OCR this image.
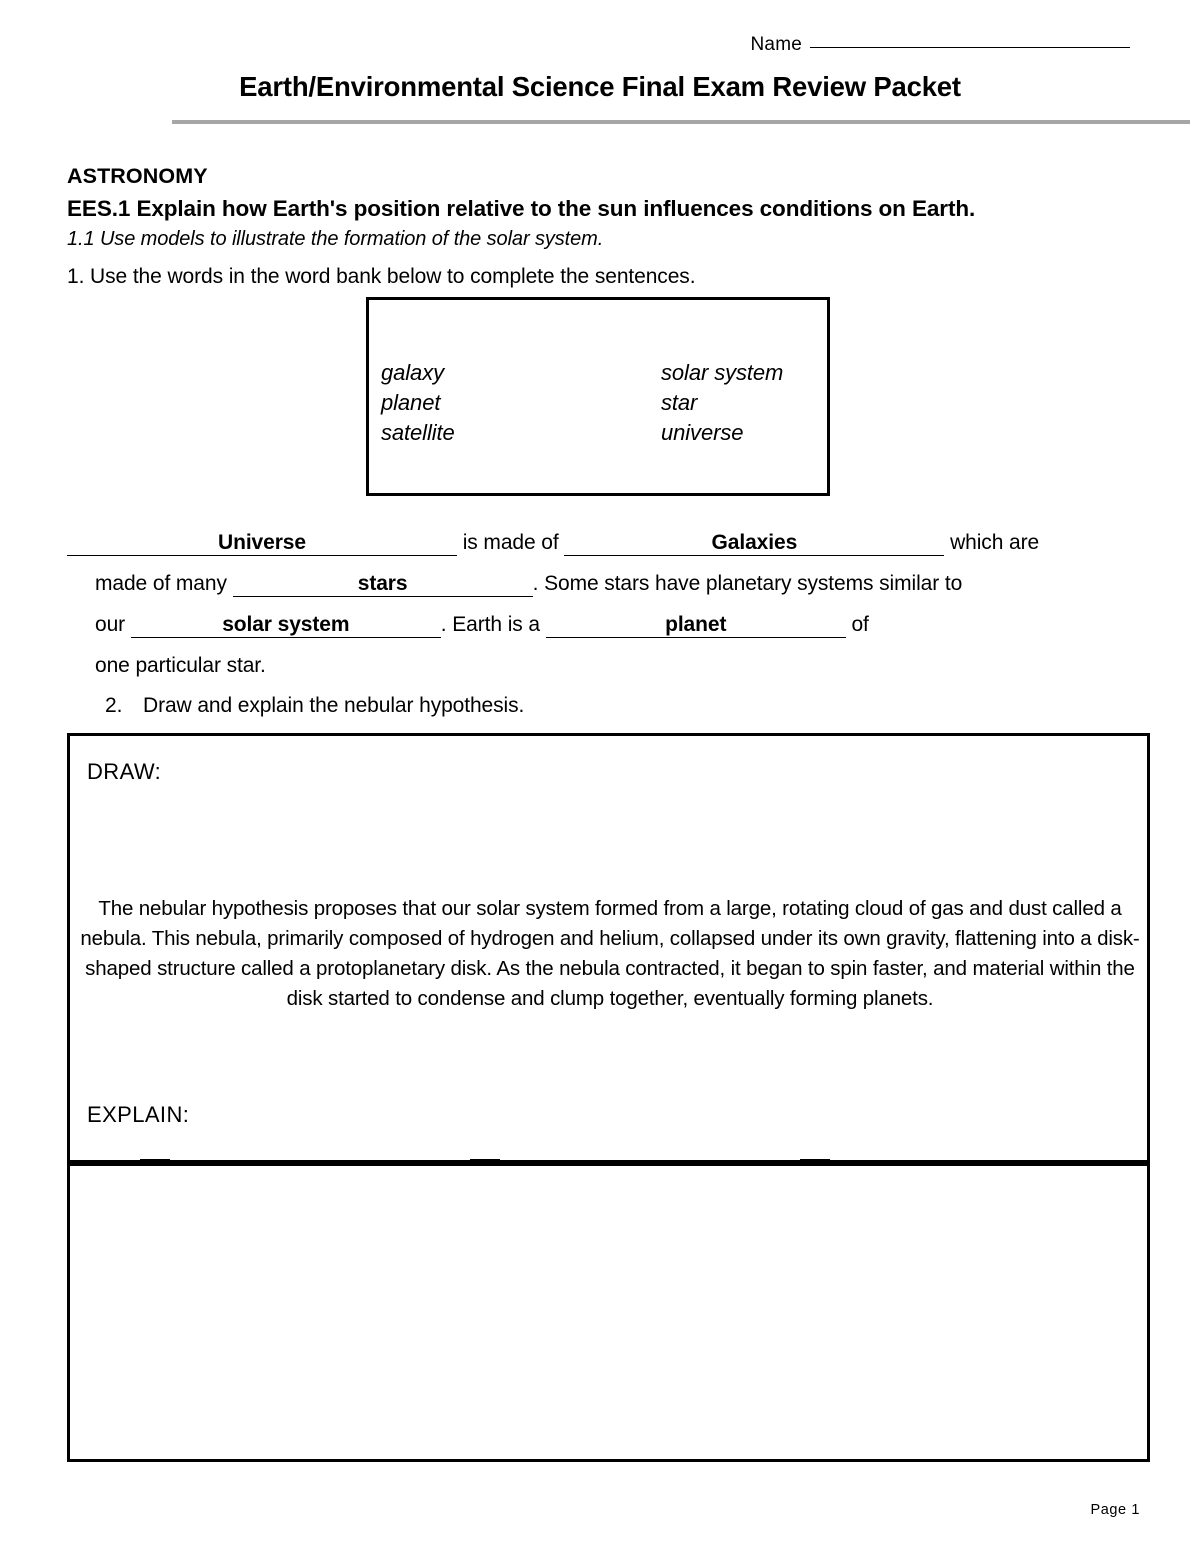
Name
Earth/Environmental Science Final Exam Review Packet
ASTRONOMY
EES.1 Explain how Earth's position relative to the sun influences conditions on Earth.
1.1 Use models to illustrate the formation of the solar system.
1. Use the words in the word bank below to complete the sentences.
galaxy
planet
satellite
solar system
star
universe
Universe	is made of	Galaxies	which are
made of many	stars	. Some stars have planetary systems similar to
our	solar system	. Earth is a	planet	of
one particular star.
2. Draw and explain the nebular hypothesis.
DRAW:
The nebular hypothesis proposes that our solar system formed from a large, rotating cloud of gas and dust called a nebula. This nebula, primarily composed of hydrogen and helium, collapsed under its own gravity, flattening into a disk-shaped structure called a protoplanetary disk. As the nebula contracted, it began to spin faster, and material within the disk started to condense and clump together, eventually forming planets.
EXPLAIN:
Page 1
